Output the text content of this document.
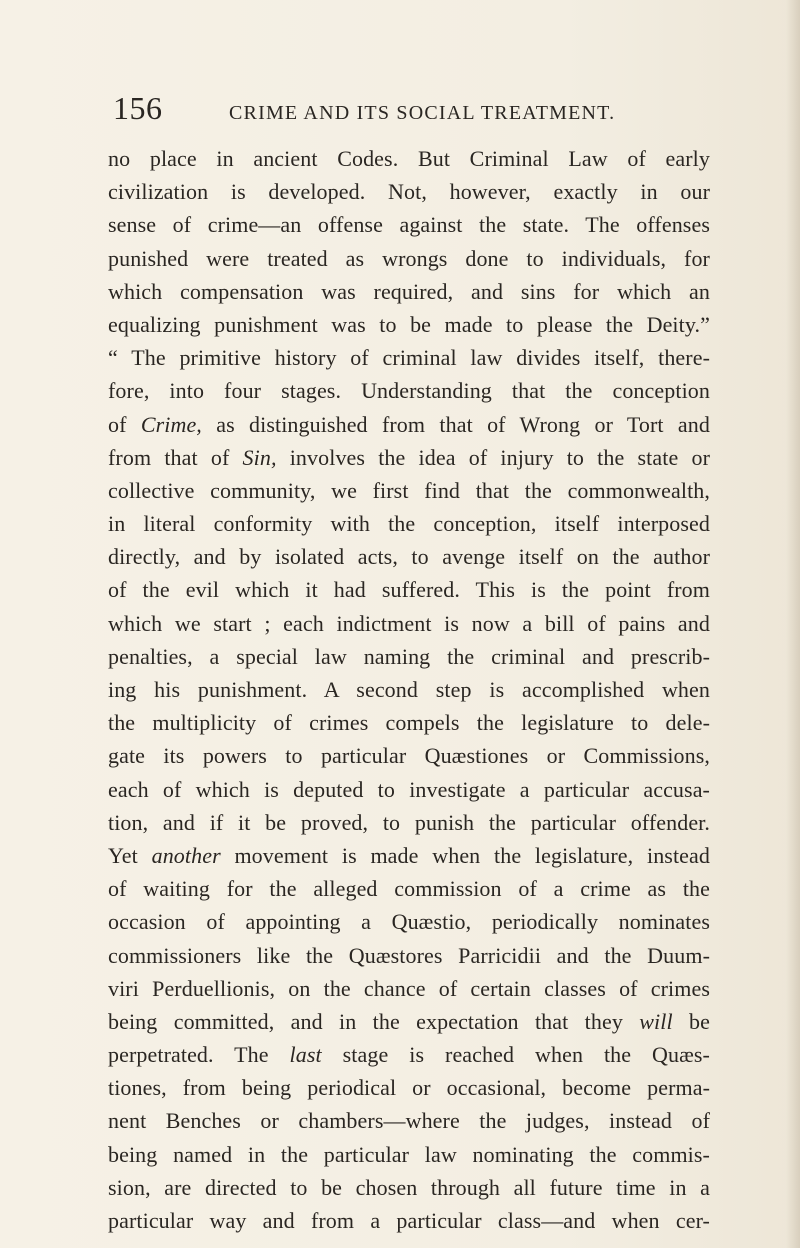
156	CRIME AND ITS SOCIAL TREATMENT.
no place in ancient Codes. But Criminal Law of early
civilization is developed. Not, however, exactly in our
sense of crime—an offense against the state. The offenses
punished were treated as wrongs done to individuals, for
which compensation was required, and sins for which an
equalizing punishment was to be made to please the Deity.”
“ The primitive history of criminal law divides itself, there-
fore, into four stages. Understanding that the conception
of Crime, as distinguished from that of Wrong or Tort and
from that of Sin, involves the idea of injury to the state or
collective community, we first find that the commonwealth,
in literal conformity with the conception, itself interposed
directly, and by isolated acts, to avenge itself on the author
of the evil which it had suffered. This is the point from
which we start ; each indictment is now a bill of pains and
penalties, a special law naming the criminal and prescrib-
ing his punishment. A second step is accomplished when
the multiplicity of crimes compels the legislature to dele-
gate its powers to particular Quæstiones or Commissions,
each of which is deputed to investigate a particular accusa-
tion, and if it be proved, to punish the particular offender.
Yet another movement is made when the legislature, instead
of waiting for the alleged commission of a crime as the
occasion of appointing a Quæstio, periodically nominates
commissioners like the Quæstores Parricidii and the Duum-
viri Perduellionis, on the chance of certain classes of crimes
being committed, and in the expectation that they will be
perpetrated. The last stage is reached when the Quæs-
tiones, from being periodical or occasional, become perma-
nent Benches or chambers—where the judges, instead of
being named in the particular law nominating the commis-
sion, are directed to be chosen through all future time in a
particular way and from a particular class—and when cer-
